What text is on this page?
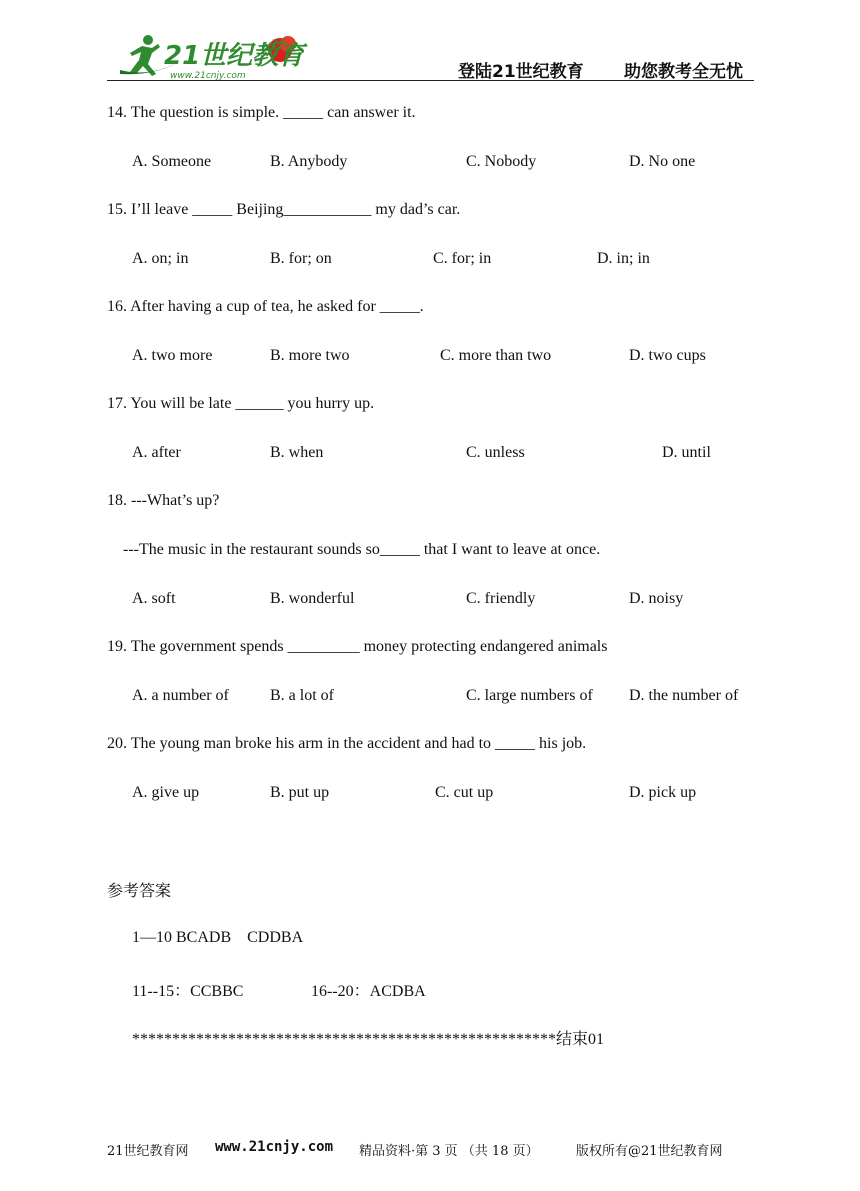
21世纪教育
www.21cnjy.com	登陆21世纪教育 助您教考全无忧
14. The question is simple. _____ can answer it.
A. Someone	B. Anybody	C. Nobody	D. No one
15. I’ll leave _____ Beijing___________ my dad’s car.
A. on; in	B. for; on	C. for; in	D. in; in
16. After having a cup of tea, he asked for _____.
A. two more	B. more two	C. more than two	D. two cups
17. You will be late ______ you hurry up.
A. after	B. when	C. unless	D. until
18. ---What’s up?
---The music in the restaurant sounds so_____ that I want to leave at once.
A. soft	B. wonderful	C. friendly	D. noisy
19. The government spends _________ money protecting endangered animals
A. a number of	B. a lot of	C. large numbers of D. the number of
20. The young man broke his arm in the accident and had to _____ his job.
A. give up	B. put up	C. cut up	D. pick up
参考答案
1—10 BCADB    CDDBA
11--15：CCBBC	16--20：ACDBA
*****************************************************结束01
21世纪教育网 www.21cnjy.com 精品资料·第 3 页 （共 18 页）	版权所有@21世纪教育网
